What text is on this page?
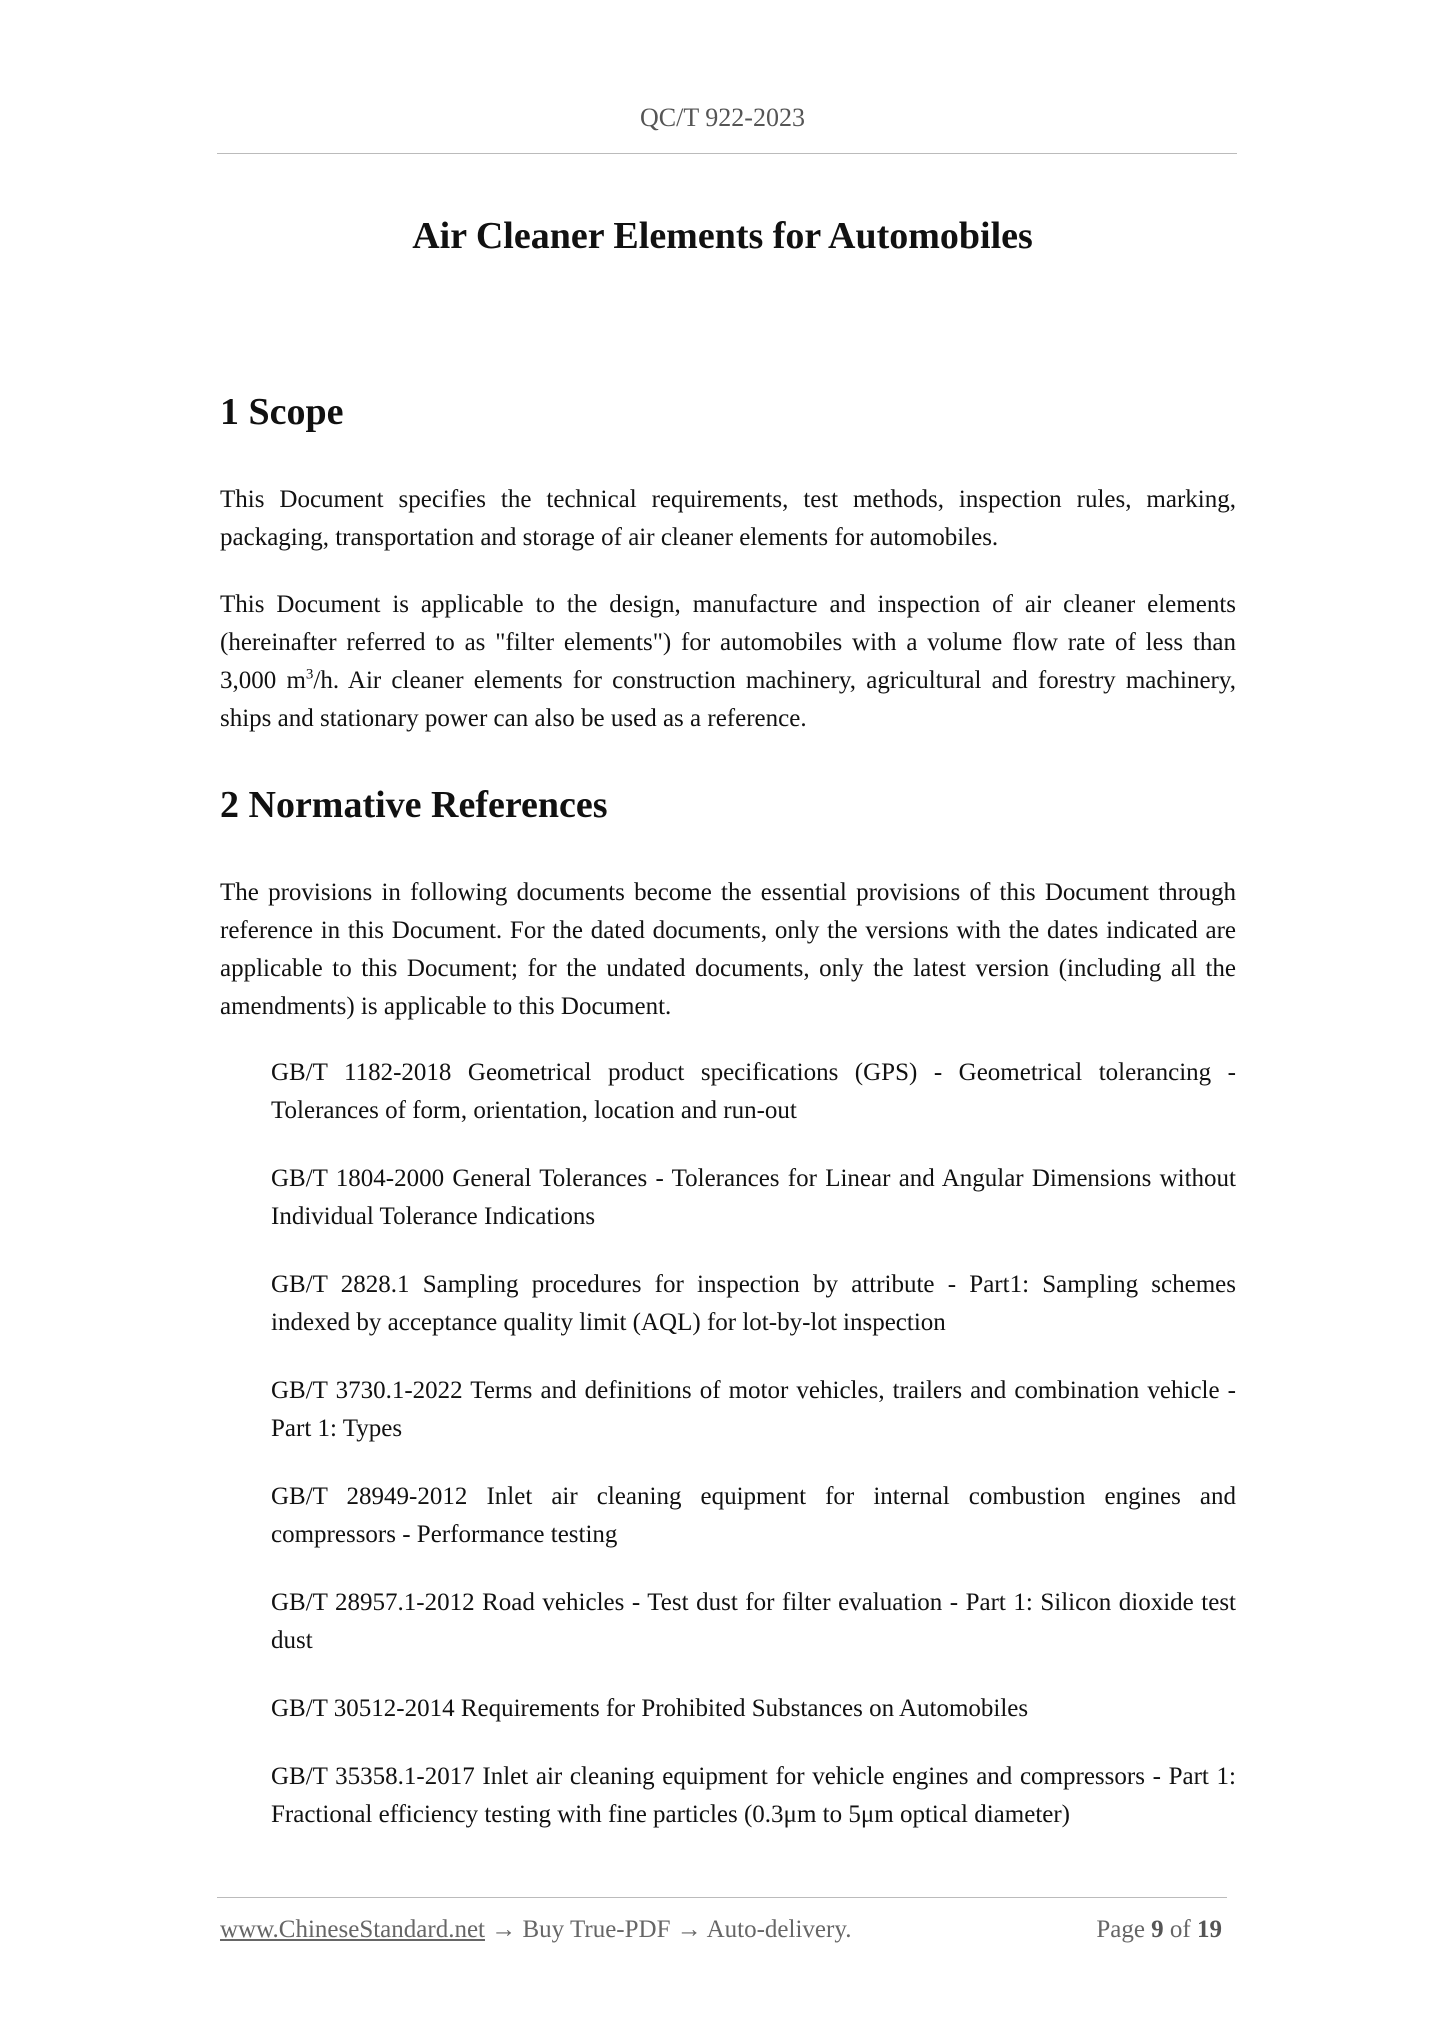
QC/T 922-2023
Air Cleaner Elements for Automobiles
1 Scope

This Document specifies the technical requirements, test methods, inspection rules, marking, packaging, transportation and storage of air cleaner elements for automobiles.

This Document is applicable to the design, manufacture and inspection of air cleaner elements (hereinafter referred to as "filter elements") for automobiles with a volume flow rate of less than 3,000 $m^3/h$. Air cleaner elements for construction machinery, agricultural and forestry machinery, ships and stationary power can also be used as a reference.

2 Normative References

The provisions in following documents become the essential provisions of this Document through reference in this Document. For the dated documents, only the versions with the dates indicated are applicable to this Document; for the undated documents, only the latest version (including all the amendments) is applicable to this Document.

GB/T 1182-2018 Geometrical product specifications (GPS) - Geometrical tolerancing - Tolerances of form, orientation, location and run-out

GB/T 1804-2000 General Tolerances - Tolerances for Linear and Angular Dimensions without Individual Tolerance Indications

GB/T 2828.1 Sampling procedures for inspection by attribute - Part1: Sampling schemes indexed by acceptance quality limit (AQL) for lot-by-lot inspection

GB/T 3730.1-2022 Terms and definitions of motor vehicles, trailers and combination vehicle - Part 1: Types

GB/T 28949-2012 Inlet air cleaning equipment for internal combustion engines and compressors - Performance testing

GB/T 28957.1-2012 Road vehicles - Test dust for filter evaluation - Part 1: Silicon dioxide test dust

GB/T 30512-2014 Requirements for Prohibited Substances on Automobiles

GB/T 35358.1-2017 Inlet air cleaning equipment for vehicle engines and compressors - Part 1: Fractional efficiency testing with fine particles (0.3μm to 5μm optical diameter)

www.ChineseStandard.net → Buy True-PDF → Auto-delivery.	Page 9 of 19
